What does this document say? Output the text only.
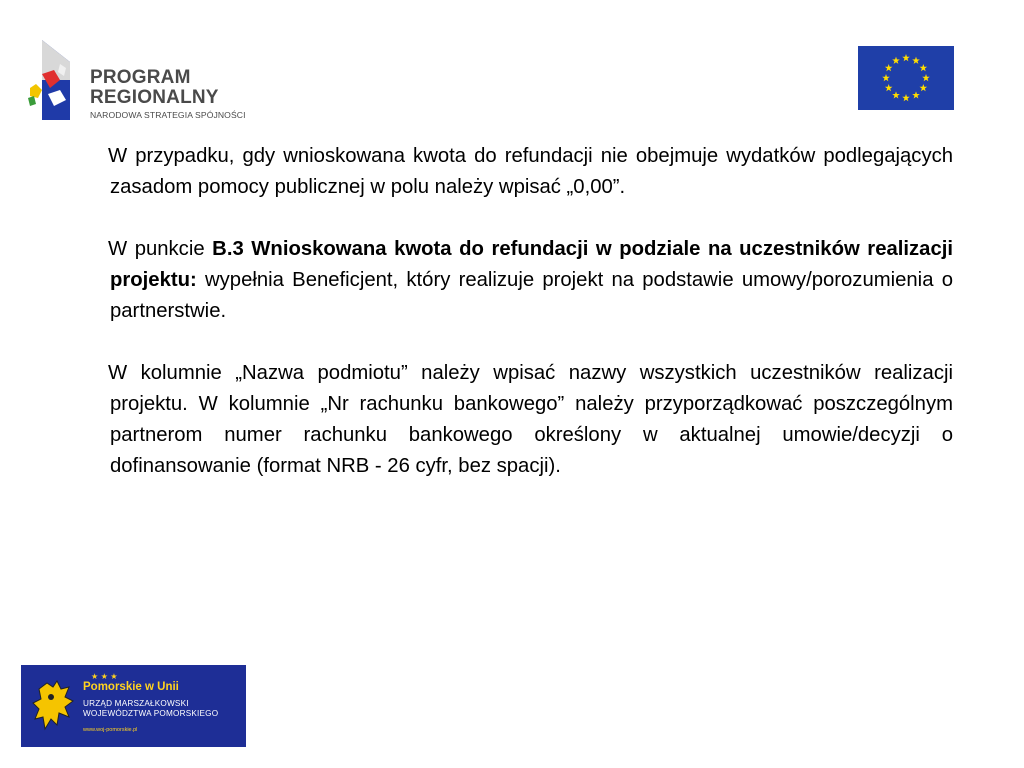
PROGRAM REGIONALNY
NARODOWA STRATEGIA SPÓJNOŚCI

W przypadku, gdy wnioskowana kwota do refundacji nie obejmuje wydatków podlegających zasadom pomocy publicznej w polu należy wpisać „0,00”.

W punkcie B.3 Wnioskowana kwota do refundacji w podziale na uczestników realizacji projektu: wypełnia Beneficjent, który realizuje projekt na podstawie umowy/porozumienia o partnerstwie.

W kolumnie „Nazwa podmiotu” należy wpisać nazwy wszystkich uczestników realizacji projektu. W kolumnie „Nr rachunku bankowego” należy przyporządkować poszczególnym partnerom numer rachunku bankowego określony w aktualnej umowie/decyzji o dofinansowanie (format NRB - 26 cyfr, bez spacji).

★ ★ ★
Pomorskie w Unii
URZĄD MARSZAŁKOWSKI
WOJEWÓDZTWA POMORSKIEGO
www.woj-pomorskie.pl
